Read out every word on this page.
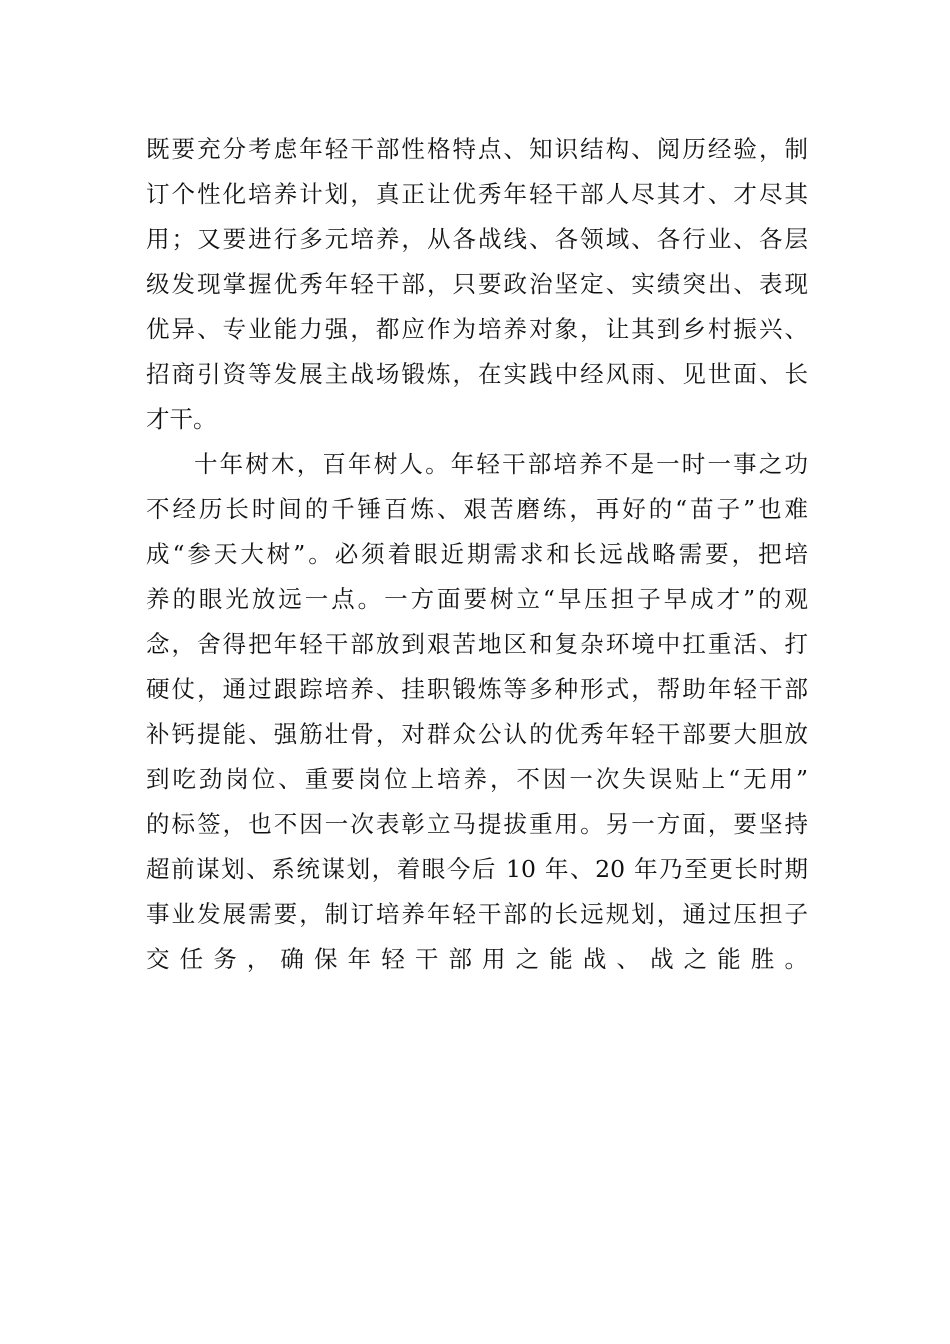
既要充分考虑年轻干部性格特点、知识结构、阅历经验，制
订个性化培养计划，真正让优秀年轻干部人尽其才、才尽其
用；又要进行多元培养，从各战线、各领域、各行业、各层
级发现掌握优秀年轻干部，只要政治坚定、实绩突出、表现
优异、专业能力强，都应作为培养对象，让其到乡村振兴、
招商引资等发展主战场锻炼，在实践中经风雨、见世面、长
才干。
十年树木，百年树人。年轻干部培养不是一时一事之功
不经历长时间的千锤百炼、艰苦磨练，再好的“苗子”也难
成“参天大树”。必须着眼近期需求和长远战略需要，把培
养的眼光放远一点。一方面要树立“早压担子早成才”的观
念，舍得把年轻干部放到艰苦地区和复杂环境中扛重活、打
硬仗，通过跟踪培养、挂职锻炼等多种形式，帮助年轻干部
补钙提能、强筋壮骨，对群众公认的优秀年轻干部要大胆放
到吃劲岗位、重要岗位上培养，不因一次失误贴上“无用”
的标签，也不因一次表彰立马提拔重用。另一方面，要坚持
超前谋划、系统谋划，着眼今后 10 年、20 年乃至更长时期
事业发展需要，制订培养年轻干部的长远规划，通过压担子
交任务，确保年轻干部用之能战、战之能胜。
